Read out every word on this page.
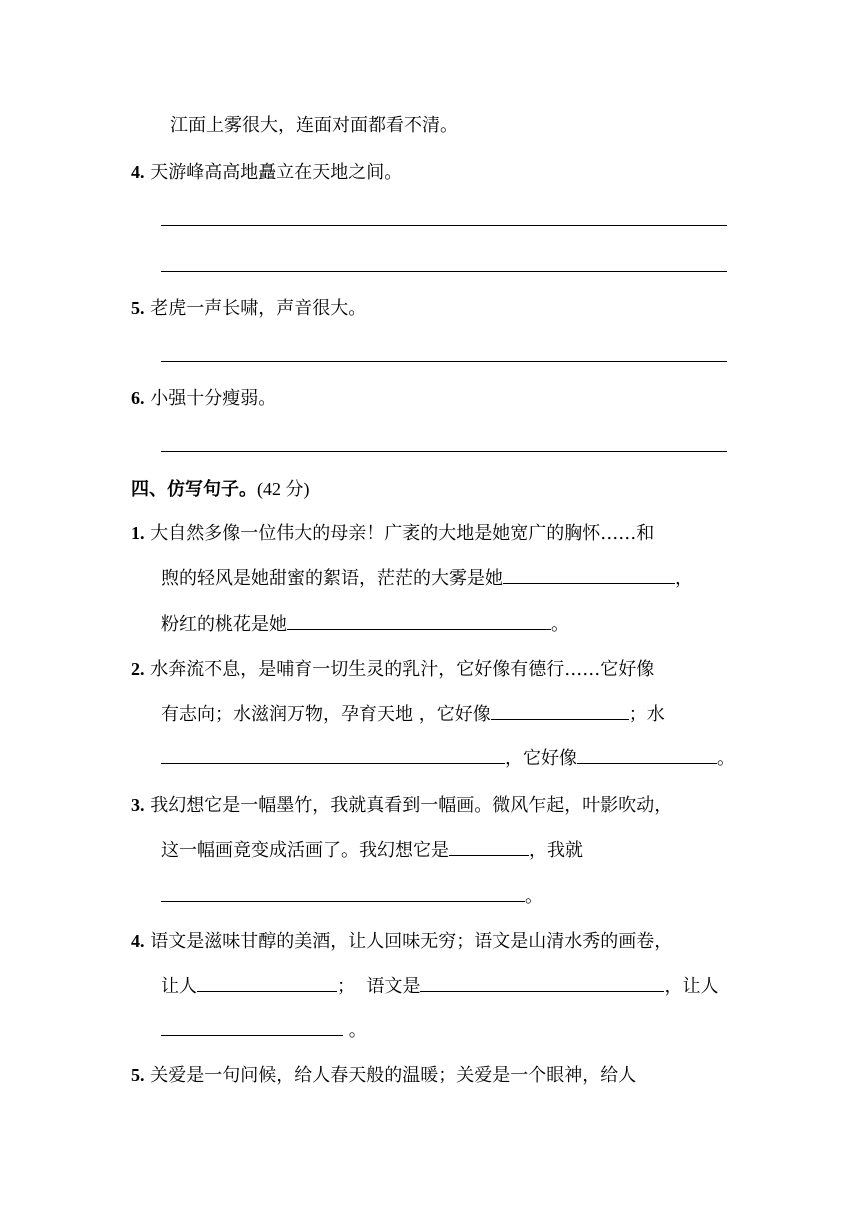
江面上雾很大，连面对面都看不清。
4. 天游峰高高地矗立在天地之间。
5. 老虎一声长啸，声音很大。
6. 小强十分瘦弱。
四、仿写句子。(42 分)
1. 大自然多像一位伟大的母亲！广袤的大地是她宽广的胸怀……和
煦的轻风是她甜蜜的絮语，茫茫的大雾是她	，
粉红的桃花是她	。
2. 水奔流不息，是哺育一切生灵的乳汁，它好像有德行……它好像
有志向；水滋润万物，孕育天地 ，它好像	；水
，它好像	。
3. 我幻想它是一幅墨竹，我就真看到一幅画。微风乍起，叶影吹动，
这一幅画竟变成活画了。我幻想它是	，我就
。
4. 语文是滋味甘醇的美酒，让人回味无穷；语文是山清水秀的画卷，
让人	；  语文是	，让人
。
5. 关爱是一句问候，给人春天般的温暖；关爱是一个眼神，给人
